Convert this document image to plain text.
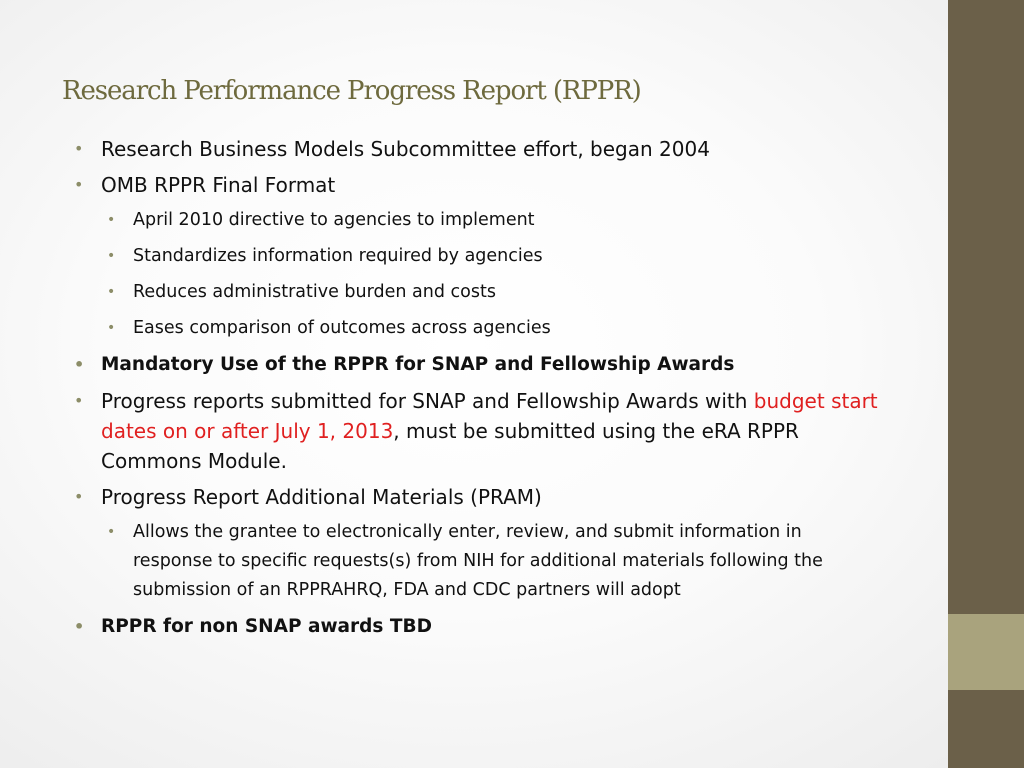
Research Performance Progress Report (RPPR)
• Research Business Models Subcommittee effort, began 2004
• OMB RPPR Final Format
• April 2010 directive to agencies to implement
• Standardizes information required by agencies
• Reduces administrative burden and costs
• Eases comparison of outcomes across agencies
• Mandatory Use of the RPPR for SNAP and Fellowship Awards
• Progress reports submitted for SNAP and Fellowship Awards with budget start dates on or after July 1, 2013, must be submitted using the eRA RPPR Commons Module.
• Progress Report Additional Materials (PRAM)
• Allows the grantee to electronically enter, review, and submit information in response to specific requests(s) from NIH for additional materials following the submission of an RPPRAHRQ, FDA and CDC partners will adopt
• RPPR for non SNAP awards TBD
